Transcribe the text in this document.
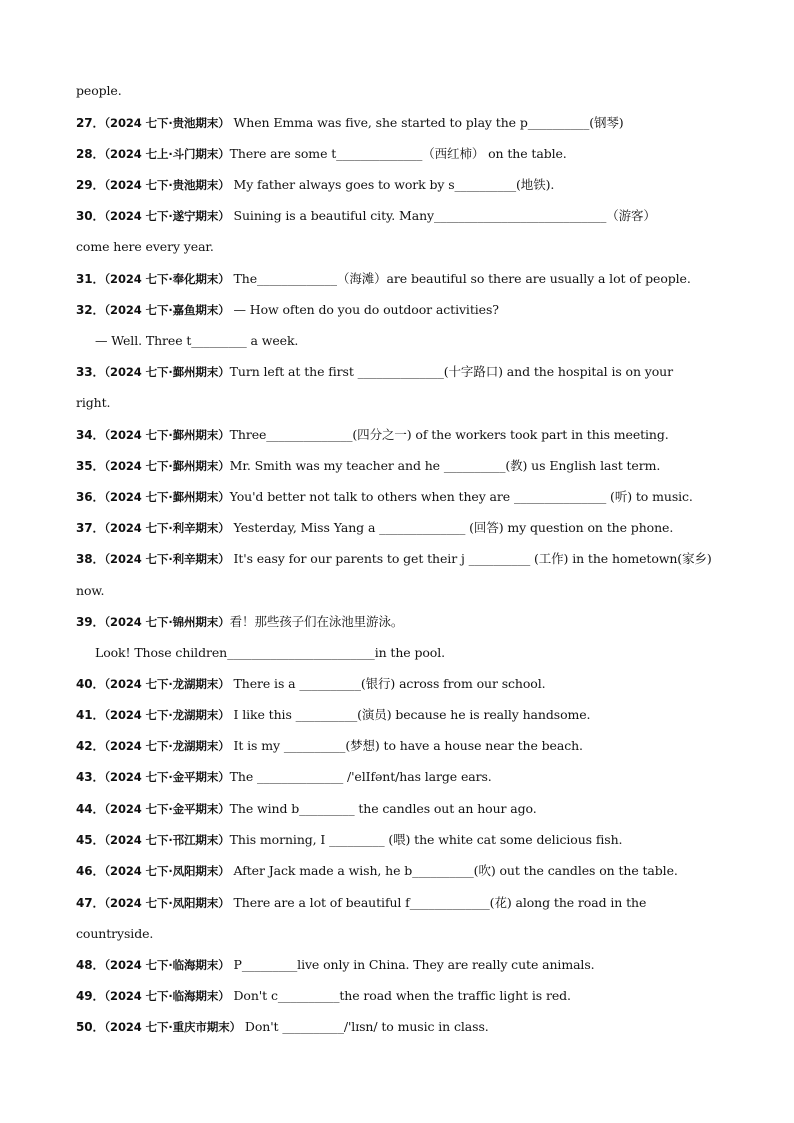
people.
27．（2024 七下·贵池期末） When Emma was five, she started to play the p__________(钢琴)
28．（2024 七上·斗门期末）There are some t______________（西红柿） on the table.
29．（2024 七下·贵池期末） My father always goes to work by s__________(地铁).
30．（2024 七下·遂宁期末） Suining is a beautiful city. Many____________________________（游客）
come here every year.
31．（2024 七下·奉化期末） The_____________（海滩）are beautiful so there are usually a lot of people.
32．（2024 七下·嘉鱼期末） — How often do you do outdoor activities?
— Well. Three t_________ a week.
33．（2024 七下·鄞州期末）Turn left at the first ______________(十字路口) and the hospital is on your
right.
34．（2024 七下·鄞州期末）Three______________(四分之一) of the workers took part in this meeting.
35．（2024 七下·鄞州期末）Mr. Smith was my teacher and he __________(教) us English last term.
36．（2024 七下·鄞州期末）You'd better not talk to others when they are _______________ (听) to music.
37．（2024 七下·利辛期末） Yesterday, Miss Yang a ______________ (回答) my question on the phone.
38．（2024 七下·利辛期末） It's easy for our parents to get their j __________ (工作) in the hometown(家乡)
now.
39．（2024 七下·锦州期末）看！那些孩子们在泳池里游泳。
Look! Those children________________________in the pool.
40．（2024 七下·龙湖期末） There is a __________(银行) across from our school.
41．（2024 七下·龙湖期末） I like this __________(演员) because he is really handsome.
42．（2024 七下·龙湖期末） It is my __________(梦想) to have a house near the beach.
43．（2024 七下·金平期末）The ______________ /'elIfənt/has large ears.
44．（2024 七下·金平期末）The wind b_________ the candles out an hour ago.
45．（2024 七下·邗江期末）This morning, I _________ (喂) the white cat some delicious fish.
46．（2024 七下·凤阳期末） After Jack made a wish, he b__________(吹) out the candles on the table.
47．（2024 七下·凤阳期末） There are a lot of beautiful f_____________(花) along the road in the
countryside.
48．（2024 七下·临海期末） P_________live only in China. They are really cute animals.
49．（2024 七下·临海期末） Don't c__________the road when the traffic light is red.
50．（2024 七下·重庆市期末） Don't __________/'lɪsn/ to music in class.
